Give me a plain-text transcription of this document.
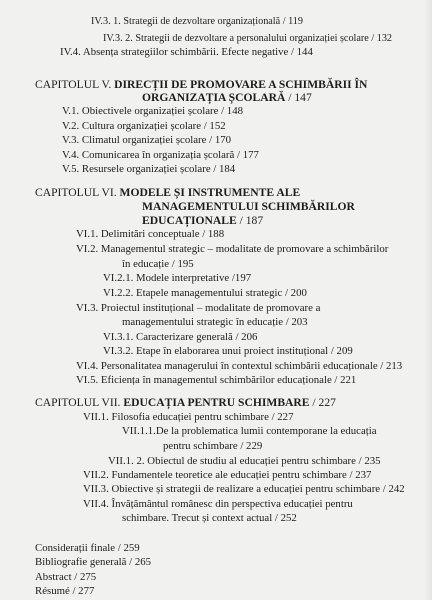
IV.3. 1. Strategii de dezvoltare organizațională / 119
IV.3. 2. Strategii de dezvoltare a personalului organizației școlare / 132
IV.4. Absența strategiilor schimbării. Efecte negative / 144
CAPITOLUL V. DIRECȚII DE PROMOVARE A SCHIMBĂRII ÎN
ORGANIZAȚIA ȘCOLARĂ / 147
V.1. Obiectivele organizației școlare / 148
V.2. Cultura organizației școlare / 152
V.3. Climatul organizației școlare / 170
V.4. Comunicarea în organizația școlară / 177
V.5. Resursele organizației școlare / 184
CAPITOLUL VI. MODELE ȘI INSTRUMENTE ALE
MANAGEMENTULUI SCHIMBĂRILOR
EDUCAȚIONALE / 187
VI.1. Delimitări conceptuale / 188
VI.2. Managementul strategic – modalitate de promovare a schimbărilor
în educație / 195
VI.2.1. Modele interpretative /197
VI.2.2. Etapele managementului strategic / 200
VI.3. Proiectul instituțional – modalitate de promovare a
managementului strategic în educație / 203
VI.3.1. Caracterizare generală / 206
VI.3.2. Etape în elaborarea unui proiect instituțional / 209
VI.4. Personalitatea managerului în contextul schimbării educaționale / 213
VI.5. Eficiența în managementul schimbărilor educaționale / 221
CAPITOLUL VII. EDUCAȚIA PENTRU SCHIMBARE / 227
VII.1. Filosofia educației pentru schimbare / 227
VII.1.1.De la problematica lumii contemporane la educația
pentru schimbare / 229
VII.1. 2. Obiectul de studiu al educației pentru schimbare / 235
VII.2. Fundamentele teoretice ale educației pentru schimbare / 237
VII.3. Obiective și strategii de realizare a educației pentru schimbare / 242
VII.4. Învățământul românesc din perspectiva educației pentru
schimbare. Trecut și context actual / 252
Considerații finale / 259
Bibliografie generală / 265
Abstract / 275
Résumé / 277
